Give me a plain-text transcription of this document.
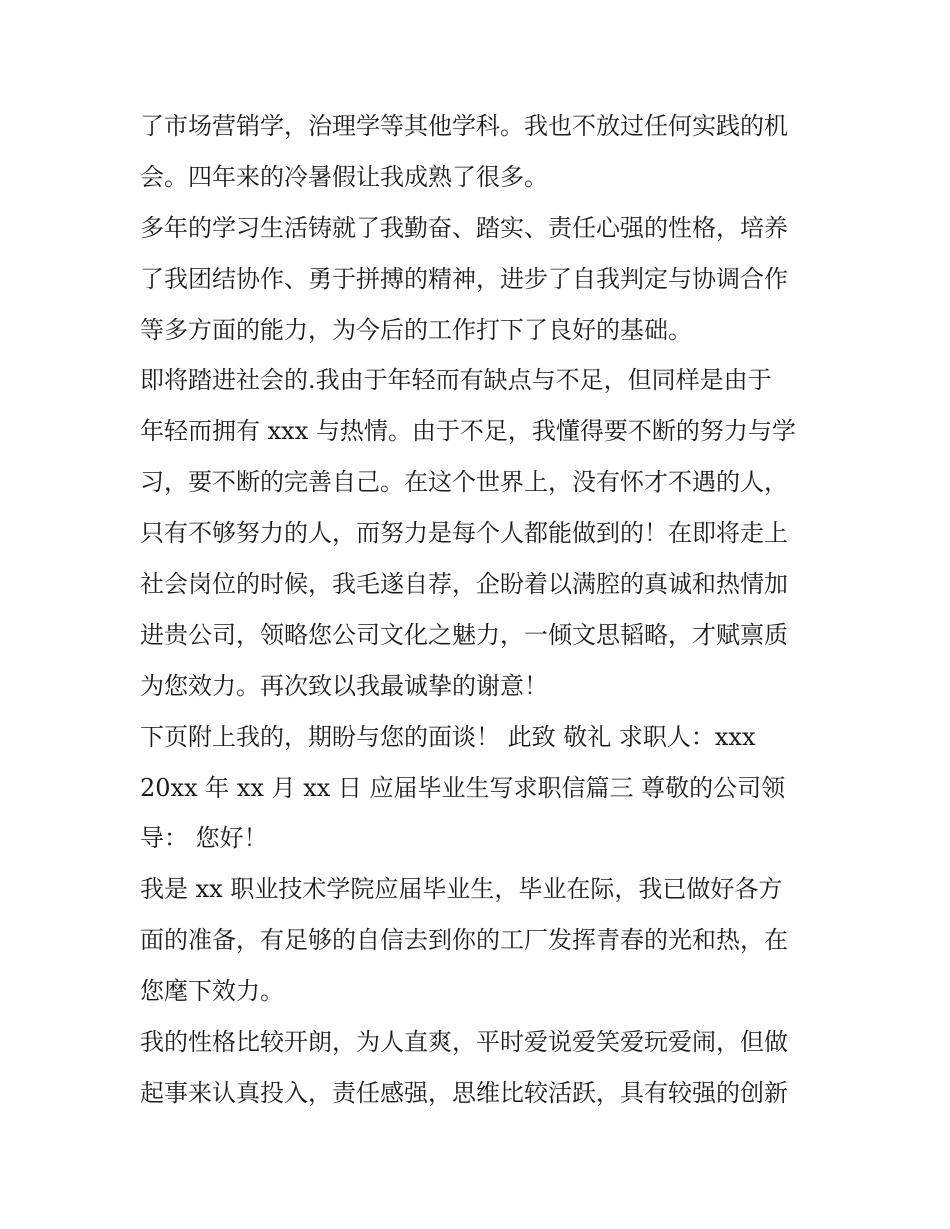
了市场营销学，治理学等其他学科。我也不放过任何实践的机
会。四年来的冷暑假让我成熟了很多。
多年的学习生活铸就了我勤奋、踏实、责任心强的性格，培养
了我团结协作、勇于拼搏的精神，进步了自我判定与协调合作
等多方面的能力，为今后的工作打下了良好的基础。
即将踏进社会的.我由于年轻而有缺点与不足，但同样是由于
年轻而拥有 xxx 与热情。由于不足，我懂得要不断的努力与学
习，要不断的完善自己。在这个世界上，没有怀才不遇的人，
只有不够努力的人，而努力是每个人都能做到的！在即将走上
社会岗位的时候，我毛遂自荐，企盼着以满腔的真诚和热情加
进贵公司，领略您公司文化之魅力，一倾文思韬略，才赋禀质
为您效力。再次致以我最诚挚的谢意！
下页附上我的，期盼与您的面谈！ 此致 敬礼 求职人：xxx
20xx 年 xx 月 xx 日 应届毕业生写求职信篇三 尊敬的公司领
导： 您好！
我是 xx 职业技术学院应届毕业生，毕业在际，我已做好各方
面的准备，有足够的自信去到你的工厂发挥青春的光和热，在
您麾下效力。
我的性格比较开朗，为人直爽，平时爱说爱笑爱玩爱闹，但做
起事来认真投入，责任感强，思维比较活跃，具有较强的创新
